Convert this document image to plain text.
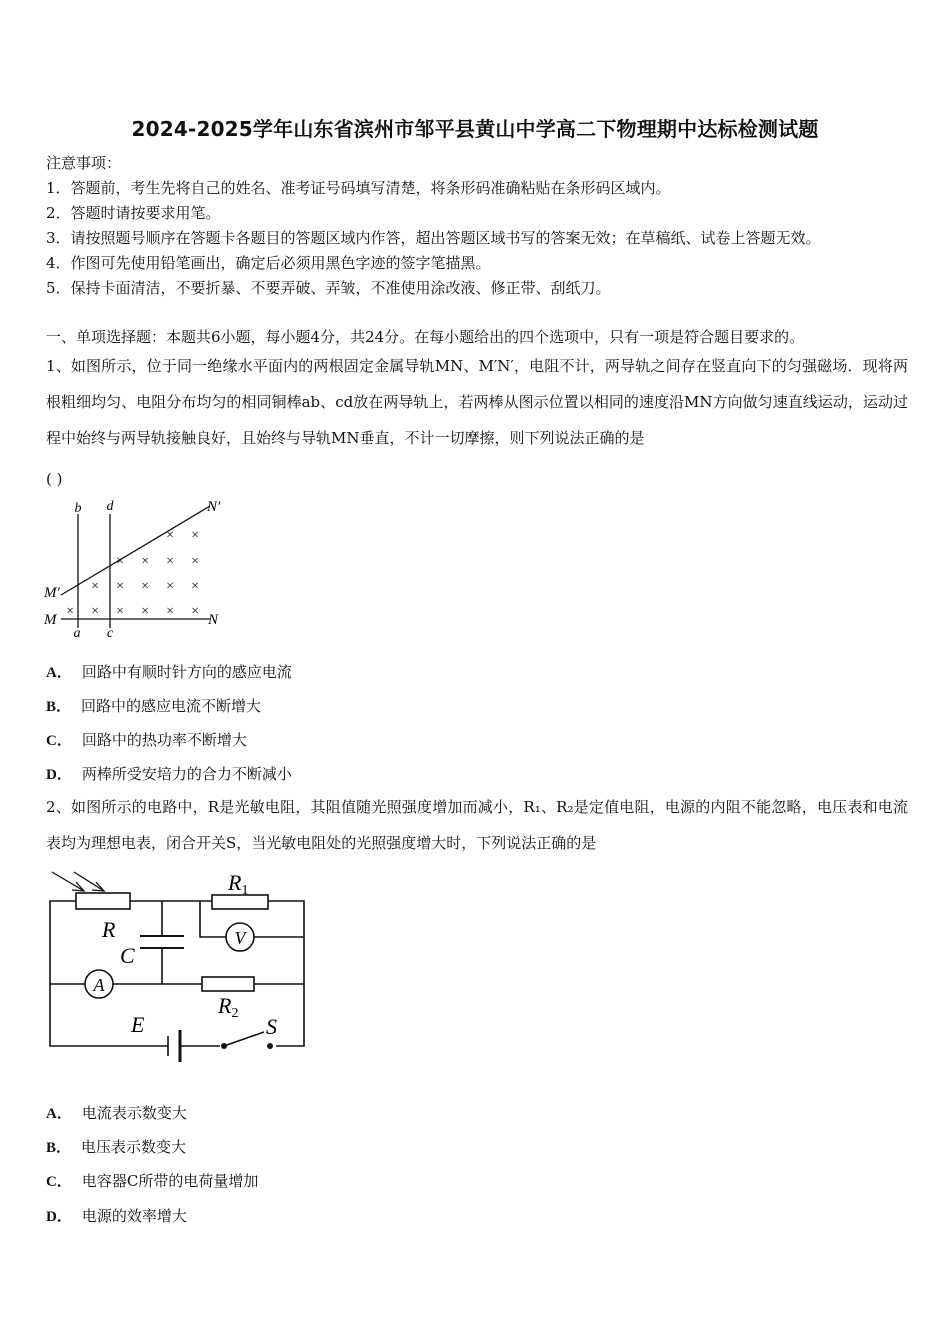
2024-2025学年山东省滨州市邹平县黄山中学高二下物理期中达标检测试题
注意事项：
1．答题前，考生先将自己的姓名、准考证号码填写清楚，将条形码准确粘贴在条形码区域内。
2．答题时请按要求用笔。
3．请按照题号顺序在答题卡各题目的答题区域内作答，超出答题区域书写的答案无效；在草稿纸、试卷上答题无效。
4．作图可先使用铅笔画出，确定后必须用黑色字迹的签字笔描黑。
5．保持卡面清洁，不要折暴、不要弄破、弄皱，不准使用涂改液、修正带、刮纸刀。
一、单项选择题：本题共6小题，每小题4分，共24分。在每小题给出的四个选项中，只有一项是符合题目要求的。
1、如图所示，位于同一绝缘水平面内的两根固定金属导轨MN、M′N′，电阻不计，两导轨之间存在竖直向下的匀强磁场．现将两根粗细均匀、电阻分布均匀的相同铜棒ab、cd放在两导轨上，若两棒从图示位置以相同的速度沿MN方向做匀速直线运动，运动过程中始终与两导轨接触良好，且始终与导轨MN垂直，不计一切摩擦，则下列说法正确的是
( )
× ×
× × × ×
× × × × ×
× × × × × ×
b d
a c
M
M′
N
N′
A． 回路中有顺时针方向的感应电流
B． 回路中的感应电流不断增大
C． 回路中的热功率不断增大
D． 两棒所受安培力的合力不断减小
2、如图所示的电路中，R是光敏电阻，其阻值随光照强度增加而减小，R₁、R₂是定值电阻，电源的内阻不能忽略，电压表和电流表均为理想电表，闭合开关S，当光敏电阻处的光照强度增大时，下列说法正确的是
R
C
R1
R2
V
A
E	S
A． 电流表示数变大
B． 电压表示数变大
C． 电容器C所带的电荷量增加
D． 电源的效率增大
